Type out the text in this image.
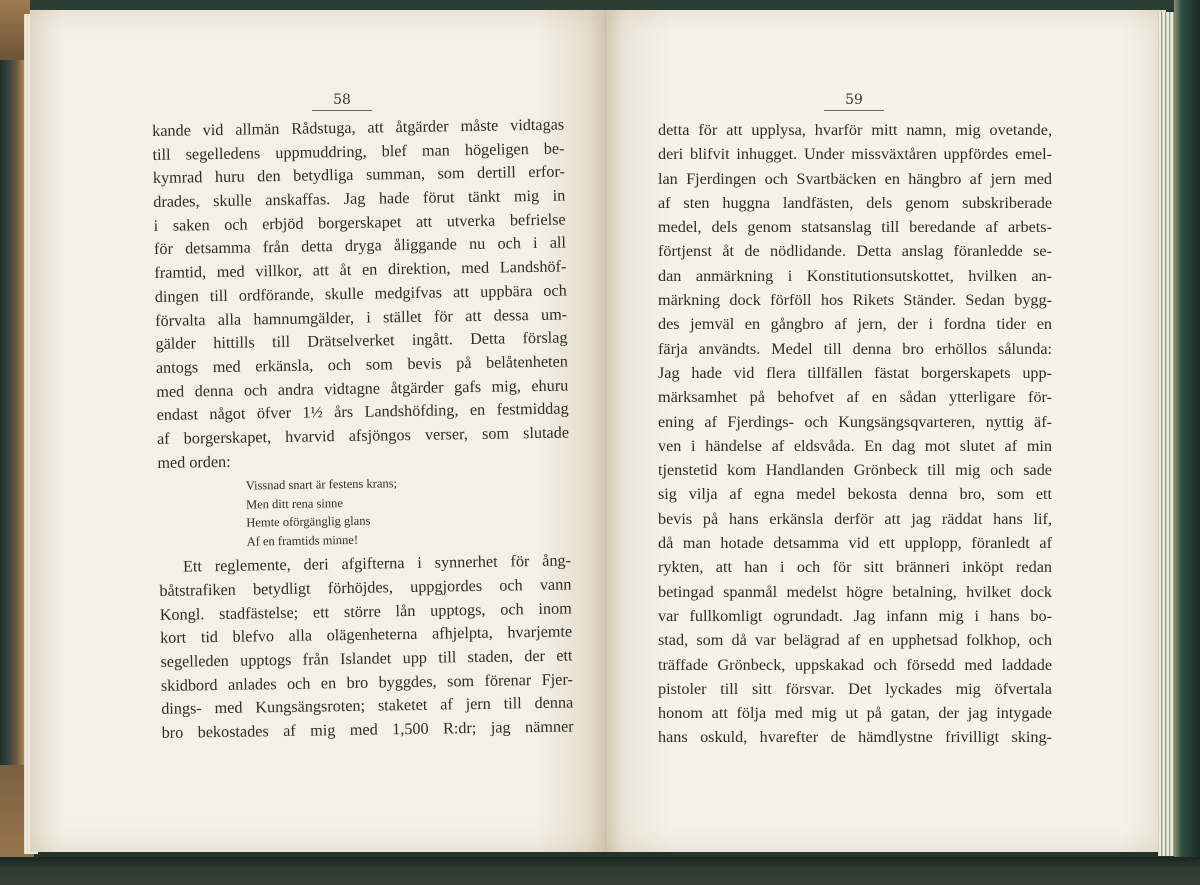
58
kande vid allmän Rådstuga, att åtgärder måste vidtagas
till segelledens uppmuddring, blef man högeligen be-
kymrad huru den betydliga summan, som dertill erfor-
drades, skulle anskaffas. Jag hade förut tänkt mig in
i saken och erbjöd borgerskapet att utverka befrielse
för detsamma från detta dryga åliggande nu och i all
framtid, med villkor, att åt en direktion, med Landshöf-
dingen till ordförande, skulle medgifvas att uppbära och
förvalta alla hamnumgälder, i stället för att dessa um-
gälder hittills till Drätselverket ingått. Detta förslag
antogs med erkänsla, och som bevis på belåtenheten
med denna och andra vidtagne åtgärder gafs mig, ehuru
endast något öfver 1½ års Landshöfding, en festmiddag
af borgerskapet, hvarvid afsjöngos verser, som slutade
med orden:
Vissnad snart är festens krans;
Men ditt rena sinne
Hemte oförgänglig glans
Af en framtids minne!
Ett reglemente, deri afgifterna i synnerhet för ång-
båtstrafiken betydligt förhöjdes, uppgjordes och vann
Kongl. stadfästelse; ett större lån upptogs, och inom
kort tid blefvo alla olägenheterna afhjelpta, hvarjemte
segelleden upptogs från Islandet upp till staden, der ett
skidbord anlades och en bro byggdes, som förenar Fjer-
dings- med Kungsängsroten; staketet af jern till denna
bro bekostades af mig med 1,500 R:dr; jag nämner
59
detta för att upplysa, hvarför mitt namn, mig ovetande,
deri blifvit inhugget. Under missväxtåren uppfördes emel-
lan Fjerdingen och Svartbäcken en hängbro af jern med
af sten huggna landfästen, dels genom subskriberade
medel, dels genom statsanslag till beredande af arbets-
förtjenst åt de nödlidande. Detta anslag föranledde se-
dan anmärkning i Konstitutionsutskottet, hvilken an-
märkning dock förföll hos Rikets Ständer. Sedan bygg-
des jemväl en gångbro af jern, der i fordna tider en
färja användts. Medel till denna bro erhöllos sålunda:
Jag hade vid flera tillfällen fästat borgerskapets upp-
märksamhet på behofvet af en sådan ytterligare för-
ening af Fjerdings- och Kungsängsqvarteren, nyttig äf-
ven i händelse af eldsvåda. En dag mot slutet af min
tjenstetid kom Handlanden Grönbeck till mig och sade
sig vilja af egna medel bekosta denna bro, som ett
bevis på hans erkänsla derför att jag räddat hans lif,
då man hotade detsamma vid ett upplopp, föranledt af
rykten, att han i och för sitt bränneri inköpt redan
betingad spanmål medelst högre betalning, hvilket dock
var fullkomligt ogrundadt. Jag infann mig i hans bo-
stad, som då var belägrad af en upphetsad folkhop, och
träffade Grönbeck, uppskakad och försedd med laddade
pistoler till sitt försvar. Det lyckades mig öfvertala
honom att följa med mig ut på gatan, der jag intygade
hans oskuld, hvarefter de hämdlystne frivilligt sking-
